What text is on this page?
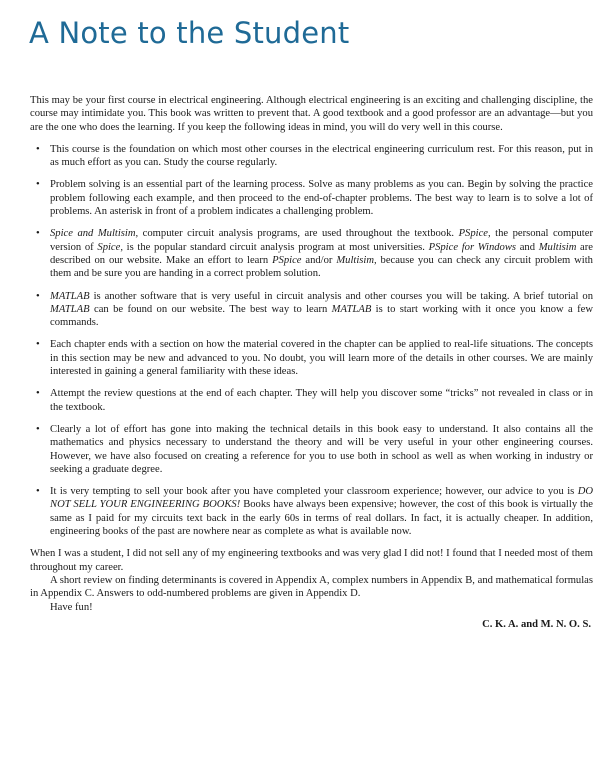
A Note to the Student

This may be your first course in electrical engineering. Although electrical engineering is an exciting and challenging discipline, the course may intimidate you. This book was written to prevent that. A good textbook and a good professor are an advantage—but you are the one who does the learning. If you keep the following ideas in mind, you will do very well in this course.

• This course is the foundation on which most other courses in the electrical engineering curriculum rest. For this reason, put in as much effort as you can. Study the course regularly.
• Problem solving is an essential part of the learning process. Solve as many problems as you can. Begin by solving the practice problem following each example, and then proceed to the end-of-chapter problems. The best way to learn is to solve a lot of problems. An asterisk in front of a problem indicates a challenging problem.
• Spice and Multisim, computer circuit analysis programs, are used throughout the textbook. PSpice, the personal computer version of Spice, is the popular standard circuit analysis program at most universities. PSpice for Windows and Multisim are described on our website. Make an effort to learn PSpice and/or Multisim, because you can check any circuit problem with them and be sure you are handing in a correct problem solution.
• MATLAB is another software that is very useful in circuit analysis and other courses you will be taking. A brief tutorial on MATLAB can be found on our website. The best way to learn MATLAB is to start working with it once you know a few commands.
• Each chapter ends with a section on how the material covered in the chapter can be applied to real-life situations. The concepts in this section may be new and advanced to you. No doubt, you will learn more of the details in other courses. We are mainly interested in gaining a general familiarity with these ideas.
• Attempt the review questions at the end of each chapter. They will help you discover some “tricks” not revealed in class or in the textbook.
• Clearly a lot of effort has gone into making the technical details in this book easy to understand. It also contains all the mathematics and physics necessary to understand the theory and will be very useful in your other engineering courses. However, we have also focused on creating a reference for you to use both in school as well as when working in industry or seeking a graduate degree.
• It is very tempting to sell your book after you have completed your classroom experience; however, our advice to you is DO NOT SELL YOUR ENGINEERING BOOKS! Books have always been expensive; however, the cost of this book is virtually the same as I paid for my circuits text back in the early 60s in terms of real dollars. In fact, it is actually cheaper. In addition, engineering books of the past are nowhere near as complete as what is available now.

When I was a student, I did not sell any of my engineering textbooks and was very glad I did not! I found that I needed most of them throughout my career.

A short review on finding determinants is covered in Appendix A, complex numbers in Appendix B, and mathematical formulas in Appendix C. Answers to odd-numbered problems are given in Appendix D.

Have fun!

C. K. A. and M. N. O. S.
